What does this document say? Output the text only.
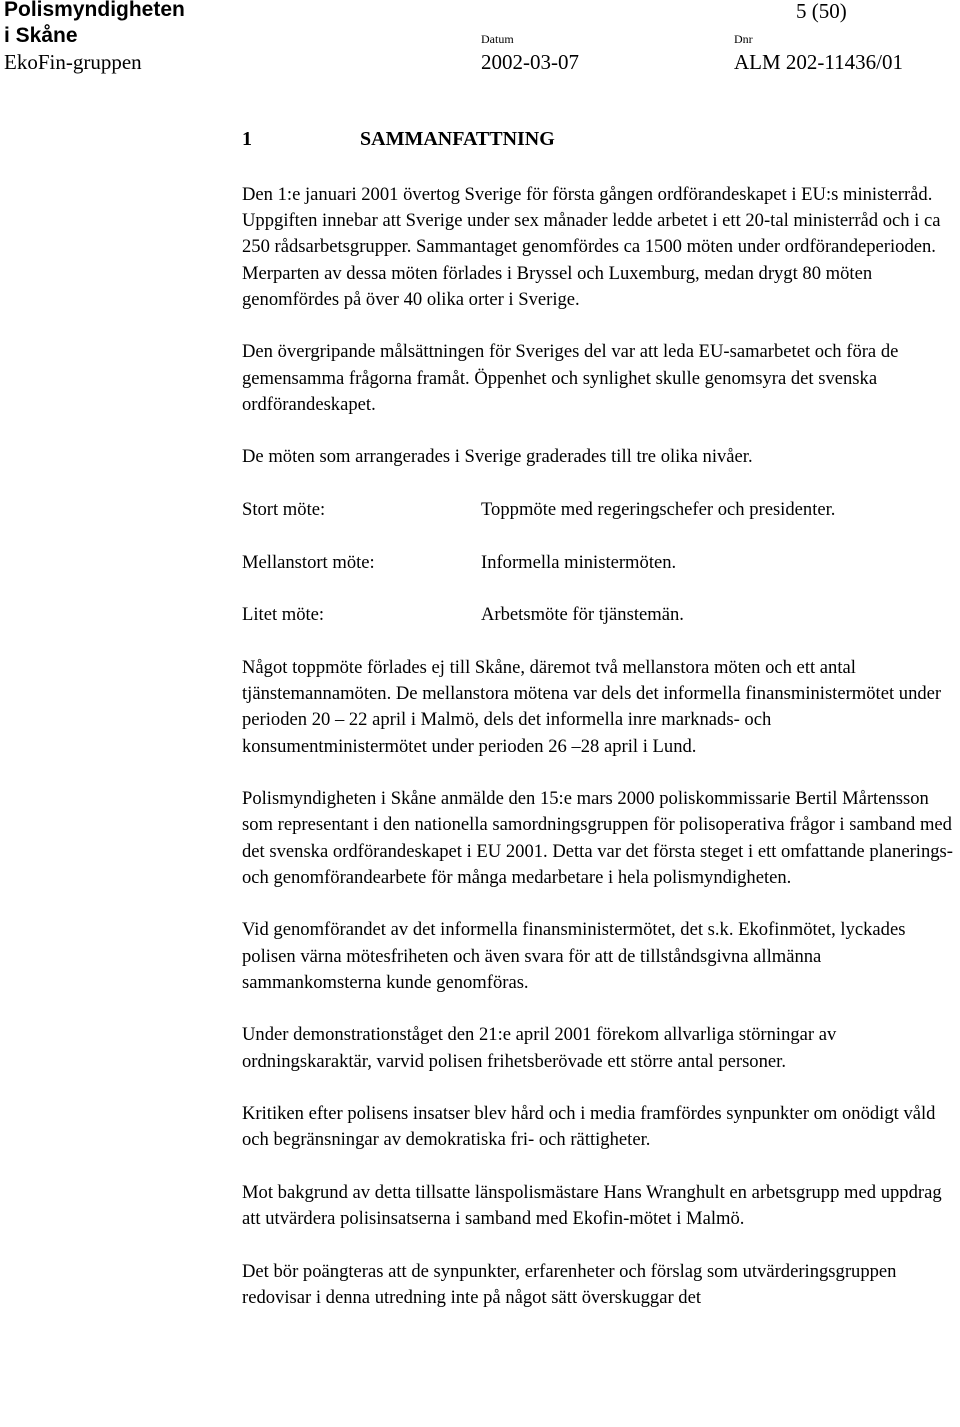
Polismyndigheten
i Skåne
EkoFin-gruppen
5 (50)
Datum	Dnr
2002-03-07	ALM 202-11436/01
1	SAMMANFATTNING

Den 1:e januari 2001 övertog Sverige för första gången ordförandeskapet i EU:s ministerråd. Uppgiften innebar att Sverige under sex månader ledde arbetet i ett 20-tal ministerråd och i ca 250 rådsarbetsgrupper. Sammantaget genomfördes ca 1500 möten under ordförandeperioden. Merparten av dessa möten förlades i Bryssel och Luxemburg, medan drygt 80 möten genomfördes på över 40 olika orter i Sverige.

Den övergripande målsättningen för Sveriges del var att leda EU-samarbetet och föra de gemensamma frågorna framåt. Öppenhet och synlighet skulle genomsyra det svenska ordförandeskapet.

De möten som arrangerades i Sverige graderades till tre olika nivåer.

Stort möte:	Toppmöte med regeringschefer och presidenter.
Mellanstort möte:	Informella ministermöten.
Litet möte:	Arbetsmöte för tjänstemän.

Något toppmöte förlades ej till Skåne, däremot två mellanstora möten och ett antal tjänstemannamöten. De mellanstora mötena var dels det informella finansministermötet under perioden 20 – 22 april i Malmö, dels det informella inre marknads- och konsumentministermötet under perioden 26 –28 april i Lund.

Polismyndigheten i Skåne anmälde den 15:e mars 2000 poliskommissarie Bertil Mårtensson som representant i den nationella samordningsgruppen för polisoperativa frågor i samband med det svenska ordförandeskapet i EU 2001. Detta var det första steget i ett omfattande planerings- och genomförandearbete för många medarbetare i hela polismyndigheten.

Vid genomförandet av det informella finansministermötet, det s.k. Ekofinmötet, lyckades polisen värna mötesfriheten och även svara för att de tillståndsgivna allmänna sammankomsterna kunde genomföras.

Under demonstrationståget den 21:e april 2001 förekom allvarliga störningar av ordningskaraktär, varvid polisen frihetsberövade ett större antal personer.

Kritiken efter polisens insatser blev hård och i media framfördes synpunkter om onödigt våld och begränsningar av demokratiska fri- och rättigheter.

Mot bakgrund av detta tillsatte länspolismästare Hans Wranghult en arbetsgrupp med uppdrag att utvärdera polisinsatserna i samband med Ekofin-mötet i Malmö.

Det bör poängteras att de synpunkter, erfarenheter och förslag som utvärderingsgruppen redovisar i denna utredning inte på något sätt överskuggar det
